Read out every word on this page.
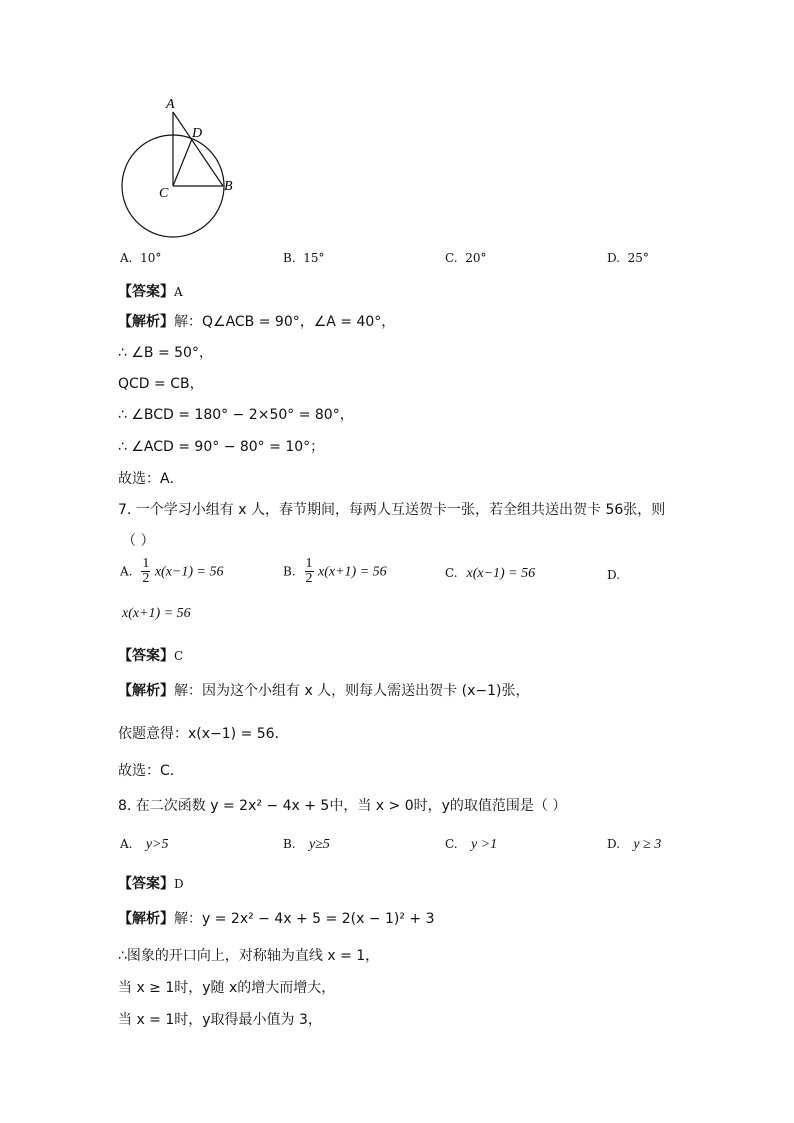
A
D
C	B
A. 10°	B. 15°	C. 20°	D. 25°
【答案】A
【解析】解：Q∠ACB = 90°，∠A = 40°，
∴ ∠B = 50°，
QCD = CB，
∴ ∠BCD = 180° − 2×50° = 80°，
∴ ∠ACD = 90° − 80° = 10°；
故选：A．
7. 一个学习小组有 x 人，春节期间，每两人互送贺卡一张，若全组共送出贺卡 56张，则
（ ）
A. $\frac{1}{2} x(x-1) = 56$	B. $\frac{1}{2} x(x+1) = 56$	C. x(x−1) = 56	D.
x(x+1) = 56
【答案】C
【解析】解：因为这个小组有 x 人，则每人需送出贺卡 (x−1)张，
依题意得：x(x−1) = 56．
故选：C．
8. 在二次函数 y = 2x² − 4x + 5中，当 x > 0时，y的取值范围是（ ）
A. y>5	B. y≥5	C. y >1	D. y ≥ 3
【答案】D
【解析】解：y = 2x² − 4x + 5 = 2(x − 1)² + 3
∴图象的开口向上，对称轴为直线 x = 1，
当 x ≥ 1时，y随 x的增大而增大，
当 x = 1时，y取得最小值为 3，
